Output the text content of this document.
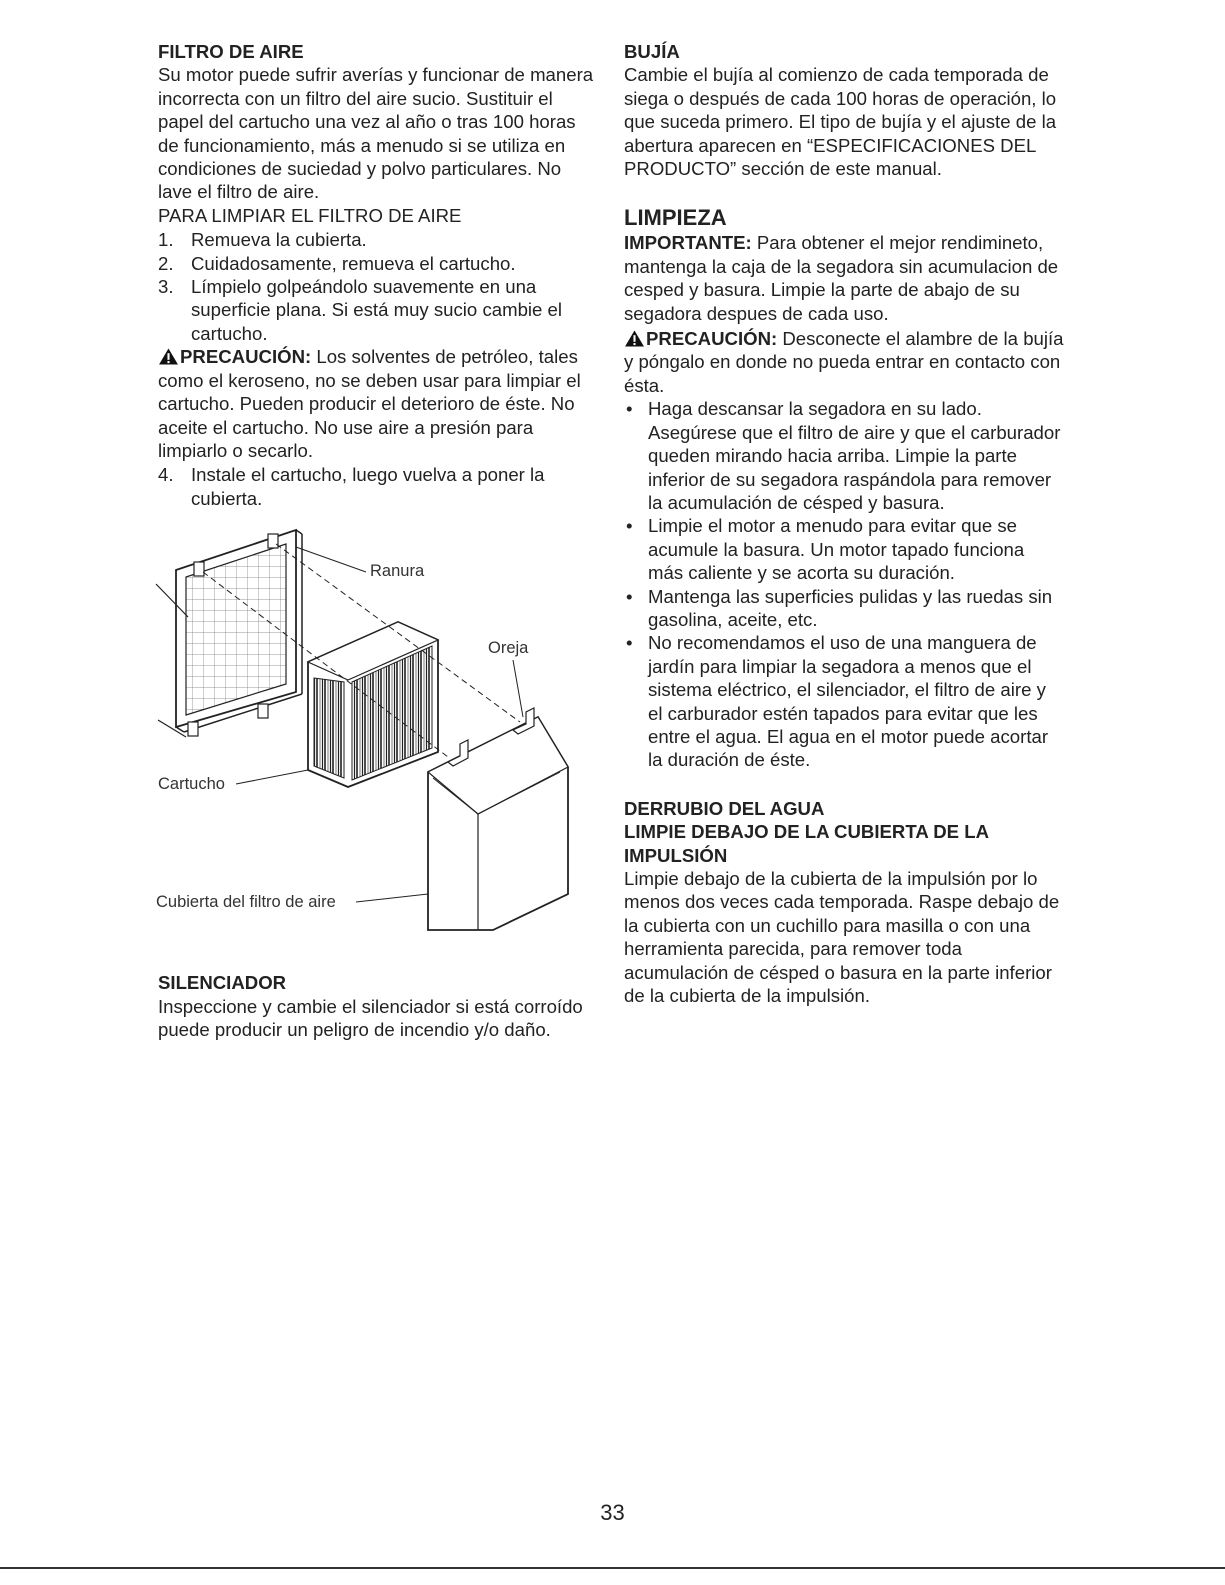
FILTRO DE AIRE

Su motor puede sufrir averías y funcionar de manera incorrecta con un filtro del aire sucio. Sustituir el papel del cartucho una vez al año o tras 100 horas de funcionamiento, más a menudo si se utiliza en condiciones de suciedad y polvo particulares. No lave el filtro de aire.

PARA LIMPIAR EL FILTRO DE AIRE

1. Remueva la cubierta.
2. Cuidadosamente, remueva el cartucho.
3. Límpielo golpeándolo suavemente en una superficie plana. Si está muy sucio cambie el cartucho.

PRECAUCIÓN: Los solventes de petróleo, tales como el keroseno, no se deben usar para limpiar el cartucho. Pueden producir el deterioro de éste. No aceite el cartucho. No use aire a presión para limpiarlo o secarlo.

4. Instale el cartucho, luego vuelva a poner la cubierta.
Ranura
Oreja
Cartucho
Cubierta del filtro de aire
SILENCIADOR

Inspeccione y cambie el silenciador si está corroído puede producir un peligro de incendio y/o daño.

BUJÍA

Cambie el bujía al comienzo de cada temporada de siega o después de cada 100 horas de operación, lo que suceda primero. El tipo de bujía y el ajuste de la abertura aparecen en “ESPECIFICACIONES DEL PRODUCTO” sección de este manual.

LIMPIEZA

IMPORTANTE: Para obtener el mejor rendimineto, mantenga la caja de la segadora sin acumulacion de cesped y basura. Limpie la parte de abajo de su segadora despues de cada uso.

PRECAUCIÓN: Desconecte el alambre de la bujía y póngalo en donde no pueda entrar en contacto con ésta.

• Haga descansar la segadora en su lado. Asegúrese que el filtro de aire y que el carburador queden mirando hacia arriba. Limpie la parte inferior de su segadora raspándola para remover la acumulación de césped y basura.
• Limpie el motor a menudo para evitar que se acumule la basura. Un motor tapado funciona más caliente y se acorta su duración.
• Mantenga las superficies pulidas y las ruedas sin gasolina, aceite, etc.
• No recomendamos el uso de una manguera de jardín para limpiar la segadora a menos que el sistema eléctrico, el silenciador, el filtro de aire y el carburador estén tapados para evitar que les entre el agua. El agua en el motor puede acortar la duración de éste.
DERRUBIO DEL AGUA
LIMPIE DEBAJO DE LA CUBIERTA DE LA IMPULSIÓN

Limpie debajo de la cubierta de la impulsión por lo menos dos veces cada temporada. Raspe debajo de la cubierta con un cuchillo para masilla o con una herramienta parecida, para remover toda acumulación de césped o basura en la parte inferior de la cubierta de la impulsión.

33
